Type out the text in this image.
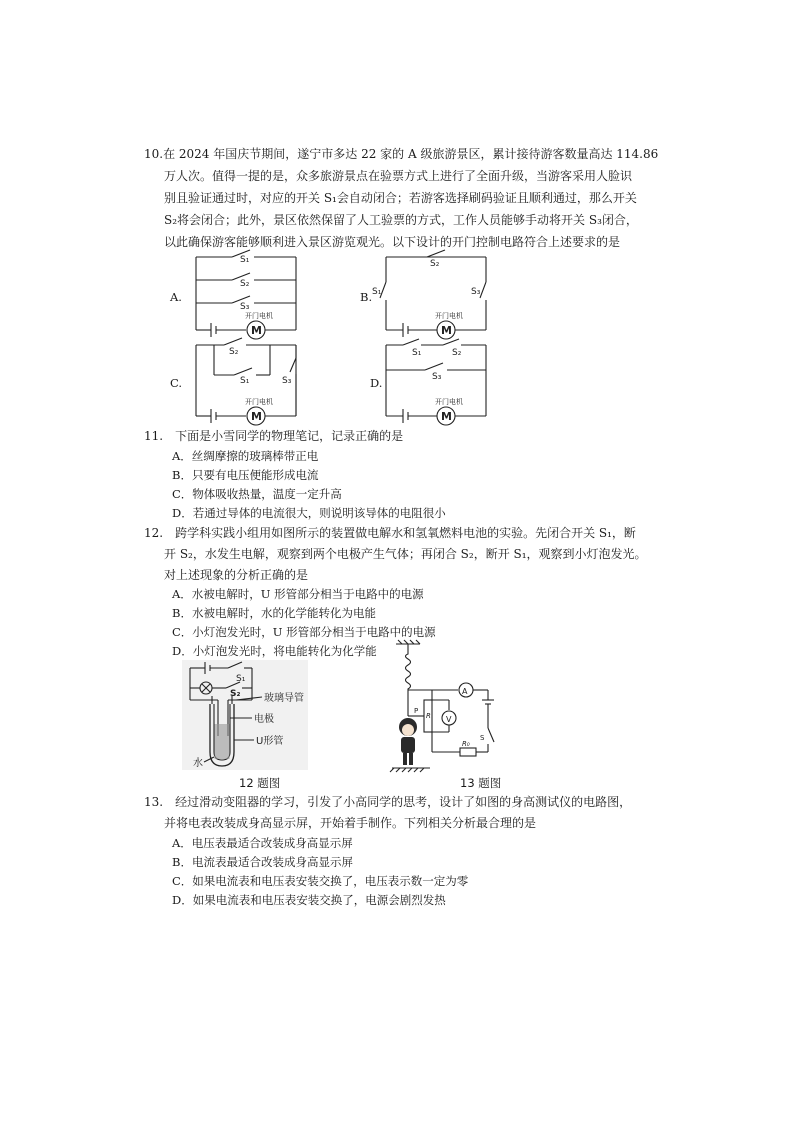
10.在 2024 年国庆节期间，遂宁市多达 22 家的 A 级旅游景区，累计接待游客数量高达 114.86
万人次。值得一提的是，众多旅游景点在验票方式上进行了全面升级，当游客采用人脸识
别且验证通过时，对应的开关 S₁会自动闭合；若游客选择刷码验证且顺利通过，那么开关
S₂将会闭合；此外，景区依然保留了人工验票的方式，工作人员能够手动将开关 S₃闭合，
以此确保游客能够顺利进入景区游览观光。以下设计的开门控制电路符合上述要求的是
A.	B.
C.	D.
S₁
S₂
S₃
开门电机
M
S₂
S₁	S₃
开门电机
M
S₂
S₁	S₃
开门电机
M
S₁	S₂
S₃
开门电机
M
11.　下面是小雪同学的物理笔记，记录正确的是
A．丝绸摩擦的玻璃棒带正电
B．只要有电压便能形成电流
C．物体吸收热量，温度一定升高
D．若通过导体的电流很大，则说明该导体的电阻很小
12.　跨学科实践小组用如图所示的装置做电解水和氢氧燃料电池的实验。先闭合开关 S₁，断
开 S₂，水发生电解，观察到两个电极产生气体；再闭合 S₂，断开 S₁，观察到小灯泡发光。
对上述现象的分析正确的是
A．水被电解时，U 形管部分相当于电路中的电源
B．水被电解时，水的化学能转化为电能
C．小灯泡发光时，U 形管部分相当于电路中的电源
D．小灯泡发光时，将电能转化为化学能
S₁
S₂ 玻璃导管
电极
U形管
水
12 题图
A
V
R
P
R₀
S
13 题图
13.　经过滑动变阻器的学习，引发了小高同学的思考，设计了如图的身高测试仪的电路图，
并将电表改装成身高显示屏，开始着手制作。下列相关分析最合理的是
A．电压表最适合改装成身高显示屏
B．电流表最适合改装成身高显示屏
C．如果电流表和电压表安装交换了，电压表示数一定为零
D．如果电流表和电压表安装交换了，电源会剧烈发热
